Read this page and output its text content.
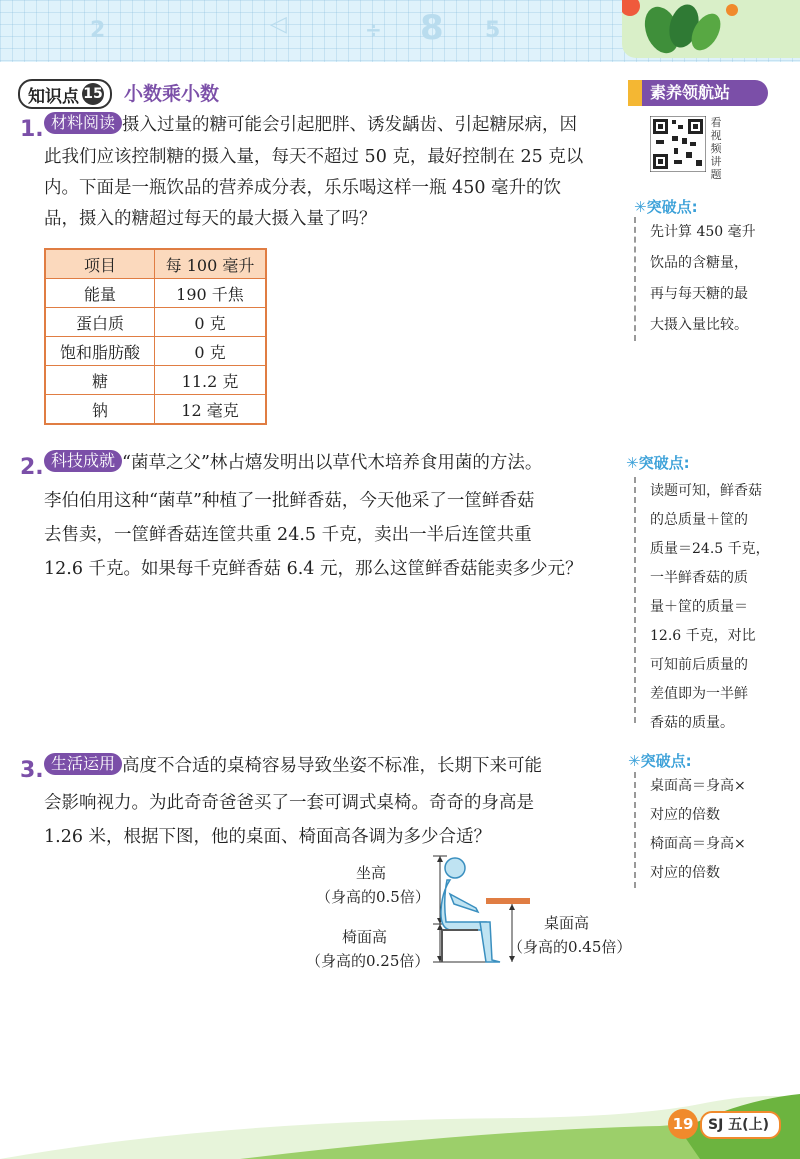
2	◁	÷ 8 5
知识点 15 小数乘小数	素养领航站
看视频讲题
1. 材料阅读 摄入过量的糖可能会引起肥胖、诱发龋齿、引起糖尿病，因
此我们应该控制糖的摄入量，每天不超过 50 克，最好控制在 25 克以
内。下面是一瓶饮品的营养成分表，乐乐喝这样一瓶 450 毫升的饮
品，摄入的糖超过每天的最大摄入量了吗？
项目	每 100 毫升
能量	190 千焦
蛋白质	0 克
饱和脂肪酸	0 克
糖	11.2 克
钠	12 毫克
✳突破点:
先计算 450 毫升
饮品的含糖量，
再与每天糖的最
大摄入量比较。
2. 科技成就 “菌草之父”林占熺发明出以草代木培养食用菌的方法。
李伯伯用这种“菌草”种植了一批鲜香菇，今天他采了一筐鲜香菇
去售卖，一筐鲜香菇连筐共重 24.5 千克，卖出一半后连筐共重
12.6 千克。如果每千克鲜香菇 6.4 元，那么这筐鲜香菇能卖多少元？
✳突破点:
读题可知，鲜香菇
的总质量＋筐的
质量＝24.5 千克，
一半鲜香菇的质
量＋筐的质量＝
12.6 千克，对比
可知前后质量的
差值即为一半鲜
香菇的质量。
3. 生活运用 高度不合适的桌椅容易导致坐姿不标准，长期下来可能
会影响视力。为此奇奇爸爸买了一套可调式桌椅。奇奇的身高是
1.26 米，根据下图，他的桌面、椅面高各调为多少合适？
✳突破点:
桌面高＝身高×
对应的倍数
椅面高＝身高×
对应的倍数
坐高
（身高的0.5倍）
椅面高
（身高的0.25倍）
桌面高
（身高的0.45倍）
19	SJ 五(上)
